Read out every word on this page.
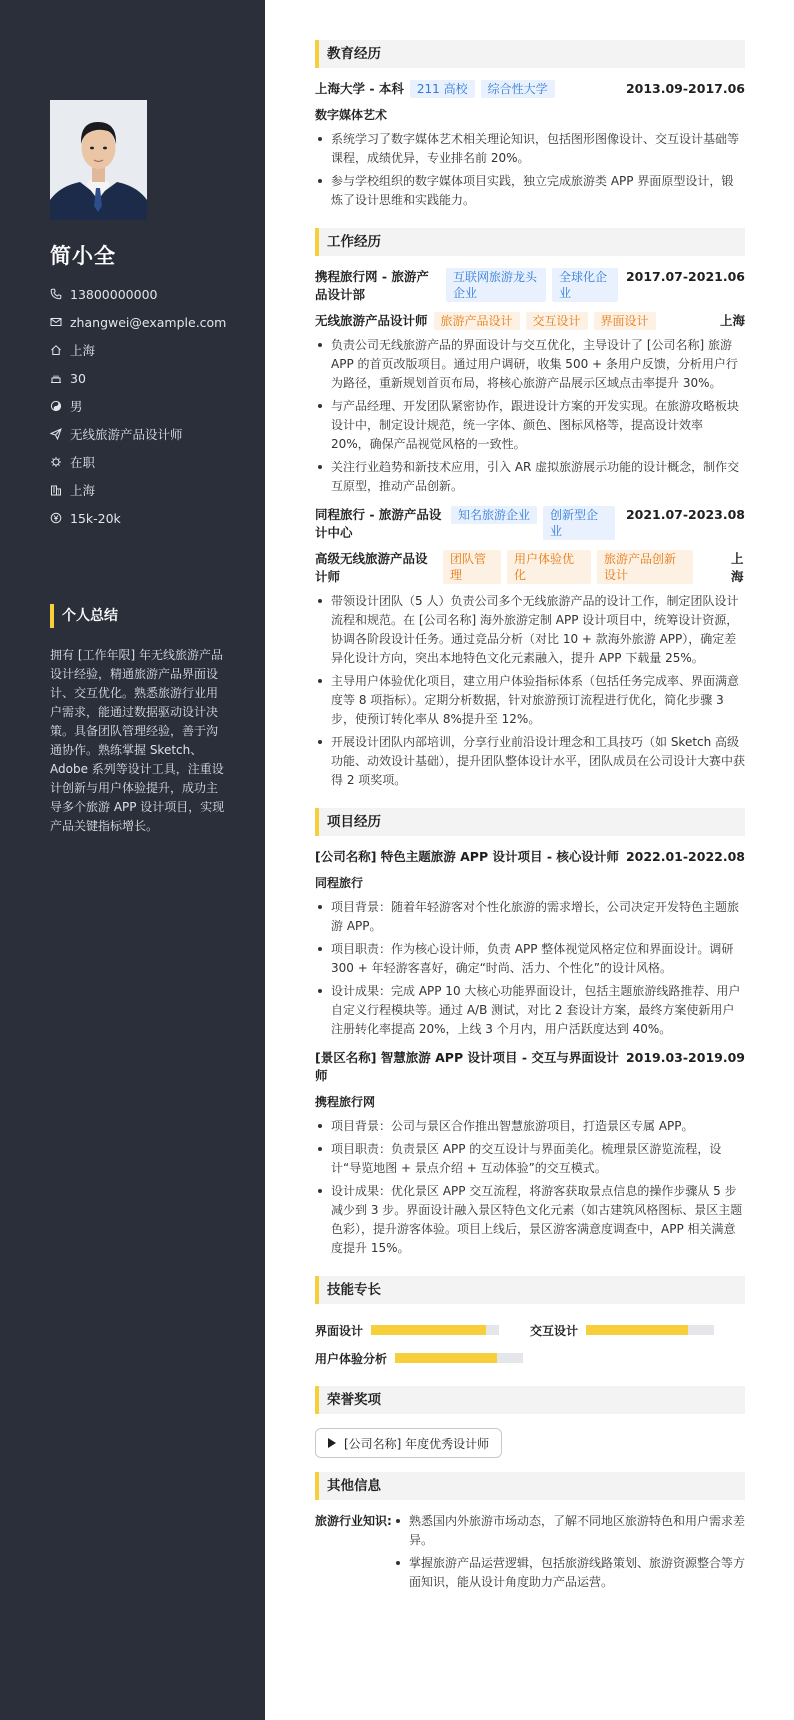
简小全
13800000000
zhangwei@example.com
上海
30
男
无线旅游产品设计师
在职
上海
15k-20k
个人总结
拥有 [工作年限] 年无线旅游产品设计经验，精通旅游产品界面设计、交互优化。熟悉旅游行业用户需求，能通过数据驱动设计决策。具备团队管理经验，善于沟通协作。熟练掌握 Sketch、Adobe 系列等设计工具，注重设计创新与用户体验提升，成功主导多个旅游 APP 设计项目，实现产品关键指标增长。
教育经历
上海大学 - 本科	211 高校	综合性大学	2013.09-2017.06
数字媒体艺术
系统学习了数字媒体艺术相关理论知识，包括图形图像设计、交互设计基础等课程，成绩优异，专业排名前 20%。
参与学校组织的数字媒体项目实践，独立完成旅游类 APP 界面原型设计，锻炼了设计思维和实践能力。
工作经历
携程旅行网 - 旅游产品设计部
互联网旅游龙头企业
全球化企业
2017.07-2021.06
无线旅游产品设计师	旅游产品设计	交互设计	界面设计	上海
负责公司无线旅游产品的界面设计与交互优化，主导设计了 [公司名称] 旅游 APP 的首页改版项目。通过用户调研，收集 500 + 条用户反馈，分析用户行为路径，重新规划首页布局，将核心旅游产品展示区域点击率提升 30%。
与产品经理、开发团队紧密协作，跟进设计方案的开发实现。在旅游攻略板块设计中，制定设计规范，统一字体、颜色、图标风格等，提高设计效率 20%，确保产品视觉风格的一致性。
关注行业趋势和新技术应用，引入 AR 虚拟旅游展示功能的设计概念，制作交互原型，推动产品创新。
同程旅行 - 旅游产品设计中心
知名旅游企业	创新型企业
2021.07-2023.08
高级无线旅游产品设计师
团队管理
用户体验优化
旅游产品创新设计
上海
带领设计团队（5 人）负责公司多个无线旅游产品的设计工作，制定团队设计流程和规范。在 [公司名称] 海外旅游定制 APP 设计项目中，统筹设计资源，协调各阶段设计任务。通过竞品分析（对比 10 + 款海外旅游 APP），确定差异化设计方向，突出本地特色文化元素融入，提升 APP 下载量 25%。
主导用户体验优化项目，建立用户体验指标体系（包括任务完成率、界面满意度等 8 项指标）。定期分析数据，针对旅游预订流程进行优化，简化步骤 3 步，使预订转化率从 8%提升至 12%。
开展设计团队内部培训，分享行业前沿设计理念和工具技巧（如 Sketch 高级功能、动效设计基础），提升团队整体设计水平，团队成员在公司设计大赛中获得 2 项奖项。
项目经历
[公司名称] 特色主题旅游 APP 设计项目 - 核心设计师 2022.01-2022.08
同程旅行
项目背景：随着年轻游客对个性化旅游的需求增长，公司决定开发特色主题旅游 APP。
项目职责：作为核心设计师，负责 APP 整体视觉风格定位和界面设计。调研 300 + 年轻游客喜好，确定“时尚、活力、个性化”的设计风格。
设计成果：完成 APP 10 大核心功能界面设计，包括主题旅游线路推荐、用户自定义行程模块等。通过 A/B 测试，对比 2 套设计方案，最终方案使新用户注册转化率提高 20%，上线 3 个月内，用户活跃度达到 40%。
[景区名称] 智慧旅游 APP 设计项目 - 交互与界面设计师
2019.03-2019.09
携程旅行网
项目背景：公司与景区合作推出智慧旅游项目，打造景区专属 APP。
项目职责：负责景区 APP 的交互设计与界面美化。梳理景区游览流程，设计“导览地图 + 景点介绍 + 互动体验”的交互模式。
设计成果：优化景区 APP 交互流程，将游客获取景点信息的操作步骤从 5 步减少到 3 步。界面设计融入景区特色文化元素（如古建筑风格图标、景区主题色彩），提升游客体验。项目上线后，景区游客满意度调查中，APP 相关满意度提升 15%。
技能专长
界面设计	交互设计
用户体验分析
荣誉奖项
[公司名称] 年度优秀设计师
其他信息
旅游行业知识:	熟悉国内外旅游市场动态，了解不同地区旅游特色和用户需求差异。
掌握旅游产品运营逻辑，包括旅游线路策划、旅游资源整合等方面知识，能从设计角度助力产品运营。
